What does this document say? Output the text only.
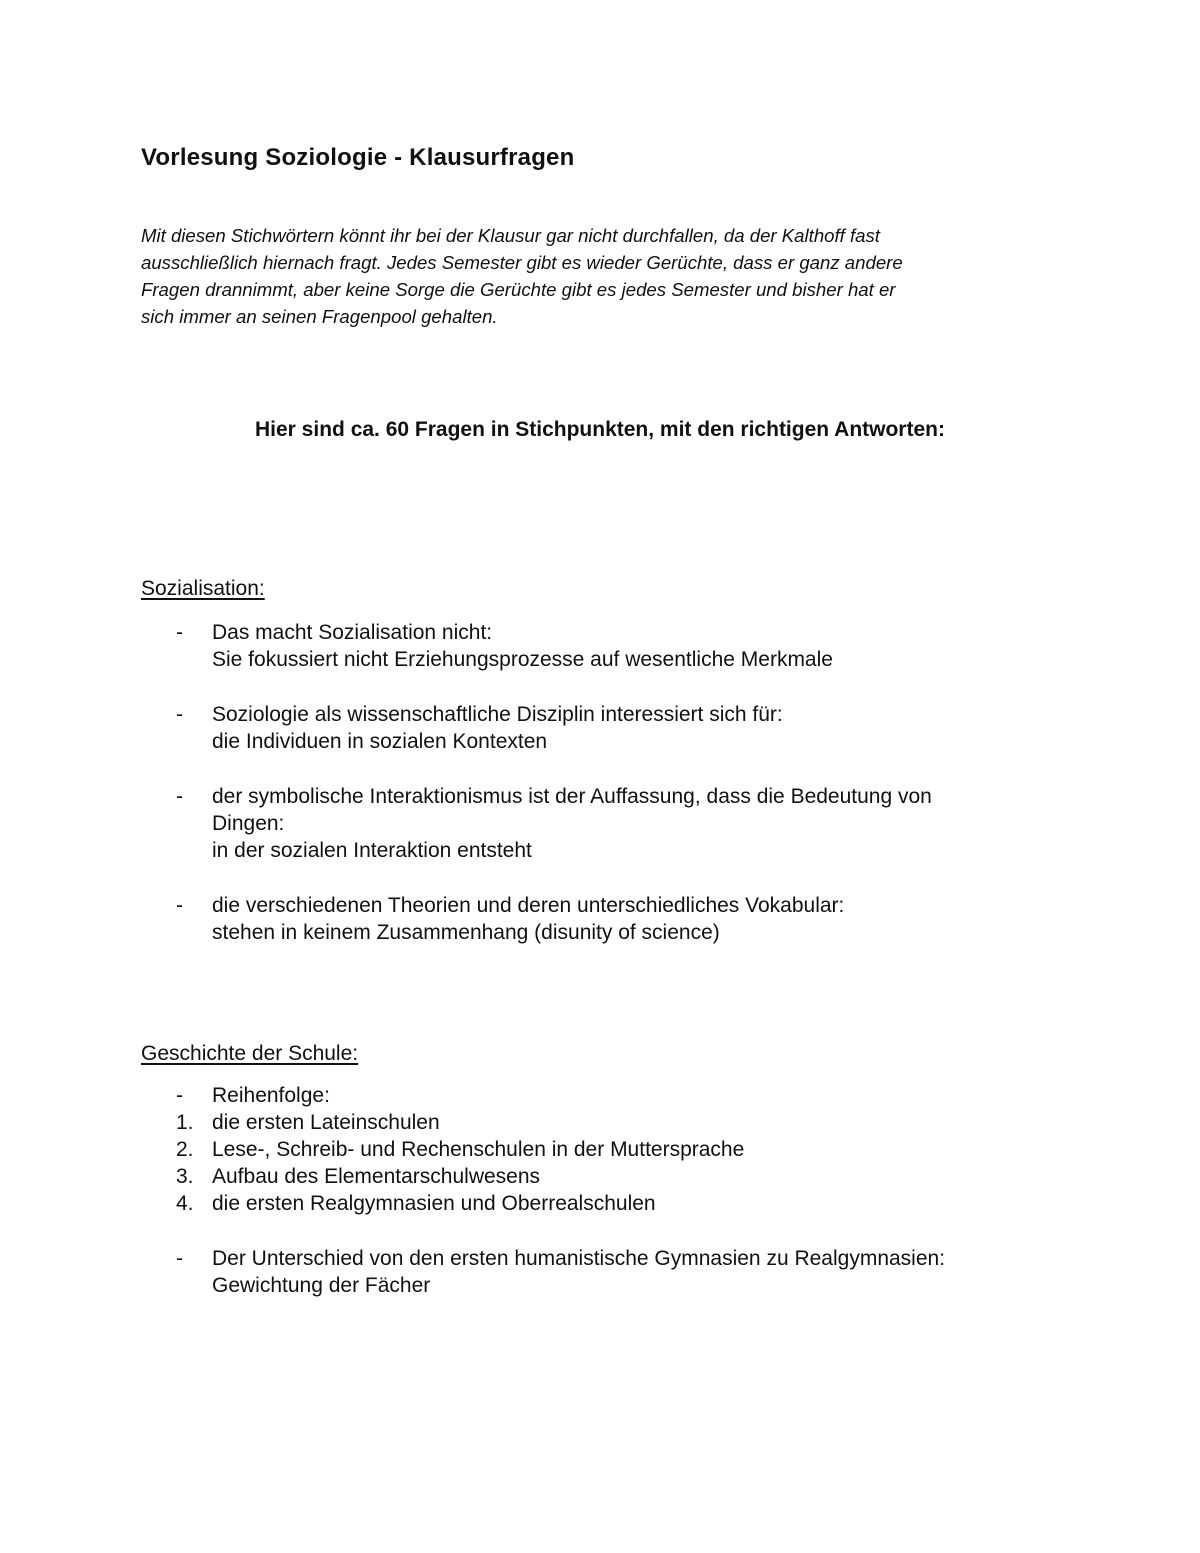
Vorlesung Soziologie - Klausurfragen
Mit diesen Stichwörtern könnt ihr bei der Klausur gar nicht durchfallen, da der Kalthoff fast
ausschließlich hiernach fragt. Jedes Semester gibt es wieder Gerüchte, dass er ganz andere
Fragen drannimmt, aber keine Sorge die Gerüchte gibt es jedes Semester und bisher hat er
sich immer an seinen Fragenpool gehalten.
Hier sind ca. 60 Fragen in Stichpunkten, mit den richtigen Antworten:
Sozialisation:
-	Das macht Sozialisation nicht:
Sie fokussiert nicht Erziehungsprozesse auf wesentliche Merkmale
-	Soziologie als wissenschaftliche Disziplin interessiert sich für:
die Individuen in sozialen Kontexten
-	der symbolische Interaktionismus ist der Auffassung, dass die Bedeutung von
Dingen:
in der sozialen Interaktion entsteht
-	die verschiedenen Theorien und deren unterschiedliches Vokabular:
stehen in keinem Zusammenhang (disunity of science)
Geschichte der Schule:
-	Reihenfolge:
1. die ersten Lateinschulen
2. Lese-, Schreib- und Rechenschulen in der Muttersprache
3. Aufbau des Elementarschulwesens
4. die ersten Realgymnasien und Oberrealschulen
-	Der Unterschied von den ersten humanistische Gymnasien zu Realgymnasien:
Gewichtung der Fächer
